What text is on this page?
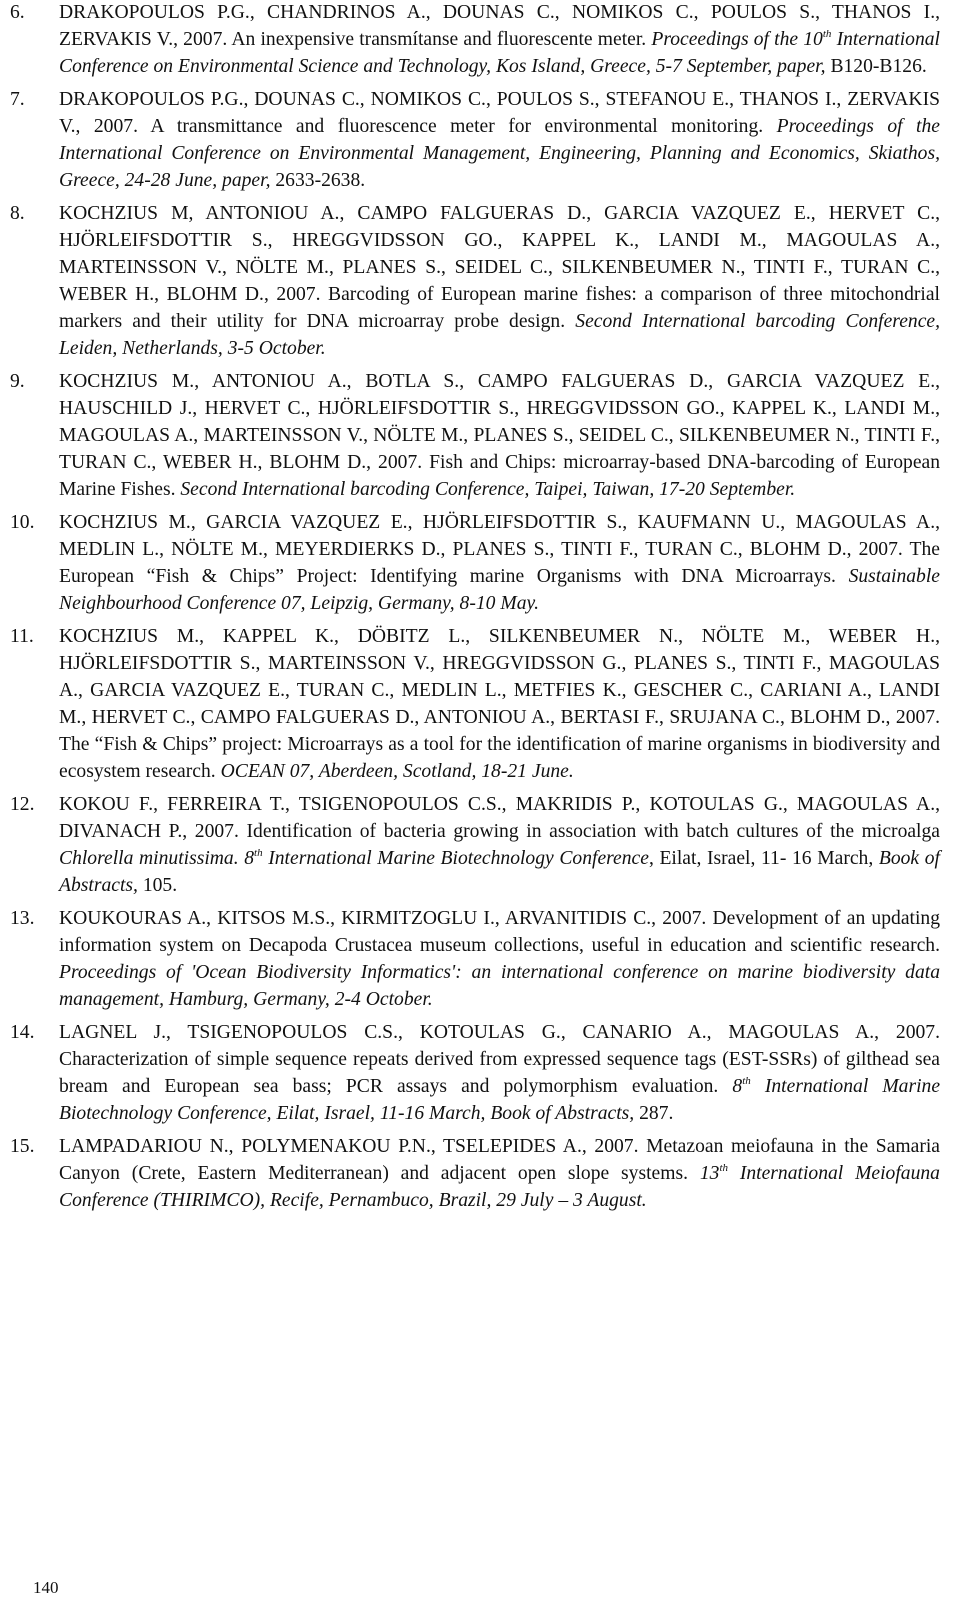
6. DRAKOPOULOS P.G., CHANDRINOS A., DOUNAS C., NOMIKOS C., POULOS S., THANOS I., ZERVAKIS V., 2007. An inexpensive transmítanse and fluorescente meter. Proceedings of the 10th International Conference on Environmental Science and Technology, Kos Island, Greece, 5-7 September, paper, B120-B126.

7. DRAKOPOULOS P.G., DOUNAS C., NOMIKOS C., POULOS S., STEFANOU E., THANOS I., ZERVAKIS V., 2007. A transmittance and fluorescence meter for environmental monitoring. Proceedings of the International Conference on Environmental Management, Engineering, Planning and Economics, Skiathos, Greece, 24-28 June, paper, 2633-2638.

8. KOCHZIUS M, ANTONIOU A., CAMPO FALGUERAS D., GARCIA VAZQUEZ E., HERVET C., HJÖRLEIFSDOTTIR S., HREGGVIDSSON GO., KAPPEL K., LANDI M., MAGOULAS A., MARTEINSSON V., NÖLTE M., PLANES S., SEIDEL C., SILKENBEUMER N., TINTI F., TURAN C., WEBER H., BLOHM D., 2007. Barcoding of European marine fishes: a comparison of three mitochondrial markers and their utility for DNA microarray probe design. Second International barcoding Conference, Leiden, Netherlands, 3-5 October.

9. KOCHZIUS M., ANTONIOU A., BOTLA S., CAMPO FALGUERAS D., GARCIA VAZQUEZ E., HAUSCHILD J., HERVET C., HJÖRLEIFSDOTTIR S., HREGGVIDSSON GO., KAPPEL K., LANDI M., MAGOULAS A., MARTEINSSON V., NÖLTE M., PLANES S., SEIDEL C., SILKENBEUMER N., TINTI F., TURAN C., WEBER H., BLOHM D., 2007. Fish and Chips: microarray-based DNA-barcoding of European Marine Fishes. Second International barcoding Conference, Taipei, Taiwan, 17-20 September.

10. KOCHZIUS M., GARCIA VAZQUEZ E., HJÖRLEIFSDOTTIR S., KAUFMANN U., MAGOULAS A., MEDLIN L., NÖLTE M., MEYERDIERKS D., PLANES S., TINTI F., TURAN C., BLOHM D., 2007. The European “Fish & Chips” Project: Identifying marine Organisms with DNA Microarrays. Sustainable Neighbourhood Conference 07, Leipzig, Germany, 8-10 May.

11. KOCHZIUS M., KAPPEL K., DÖBITZ L., SILKENBEUMER N., NÖLTE M., WEBER H., HJÖRLEIFSDOTTIR S., MARTEINSSON V., HREGGVIDSSON G., PLANES S., TINTI F., MAGOULAS A., GARCIA VAZQUEZ E., TURAN C., MEDLIN L., METFIES K., GESCHER C., CARIANI A., LANDI M., HERVET C., CAMPO FALGUERAS D., ANTONIOU A., BERTASI F., SRUJANA C., BLOHM D., 2007. The “Fish & Chips” project: Microarrays as a tool for the identification of marine organisms in biodiversity and ecosystem research. OCEAN 07, Aberdeen, Scotland, 18-21 June.

12. KOKOU F., FERREIRA T., TSIGENOPOULOS C.S., MAKRIDIS P., KOTOULAS G., MAGOULAS A., DIVANACH P., 2007. Identification of bacteria growing in association with batch cultures of the microalga Chlorella minutissima. 8th International Marine Biotechnology Conference, Eilat, Israel, 11- 16 March, Book of Abstracts, 105.

13. KOUKOURAS A., KITSOS M.S., KIRMITZOGLU I., ARVANITIDIS C., 2007. Development of an updating information system on Decapoda Crustacea museum collections, useful in education and scientific research. Proceedings of 'Ocean Biodiversity Informatics': an international conference on marine biodiversity data management, Hamburg, Germany, 2-4 October.

14. LAGNEL J., TSIGENOPOULOS C.S., KOTOULAS G., CANARIO A., MAGOULAS A., 2007. Characterization of simple sequence repeats derived from expressed sequence tags (EST-SSRs) of gilthead sea bream and European sea bass; PCR assays and polymorphism evaluation. 8th International Marine Biotechnology Conference, Eilat, Israel, 11-16 March, Book of Abstracts, 287.

15. LAMPADARIOU N., POLYMENAKOU P.N., TSELEPIDES A., 2007. Metazoan meiofauna in the Samaria Canyon (Crete, Eastern Mediterranean) and adjacent open slope systems. 13th International Meiofauna Conference (THIRIMCO), Recife, Pernambuco, Brazil, 29 July – 3 August.

140
